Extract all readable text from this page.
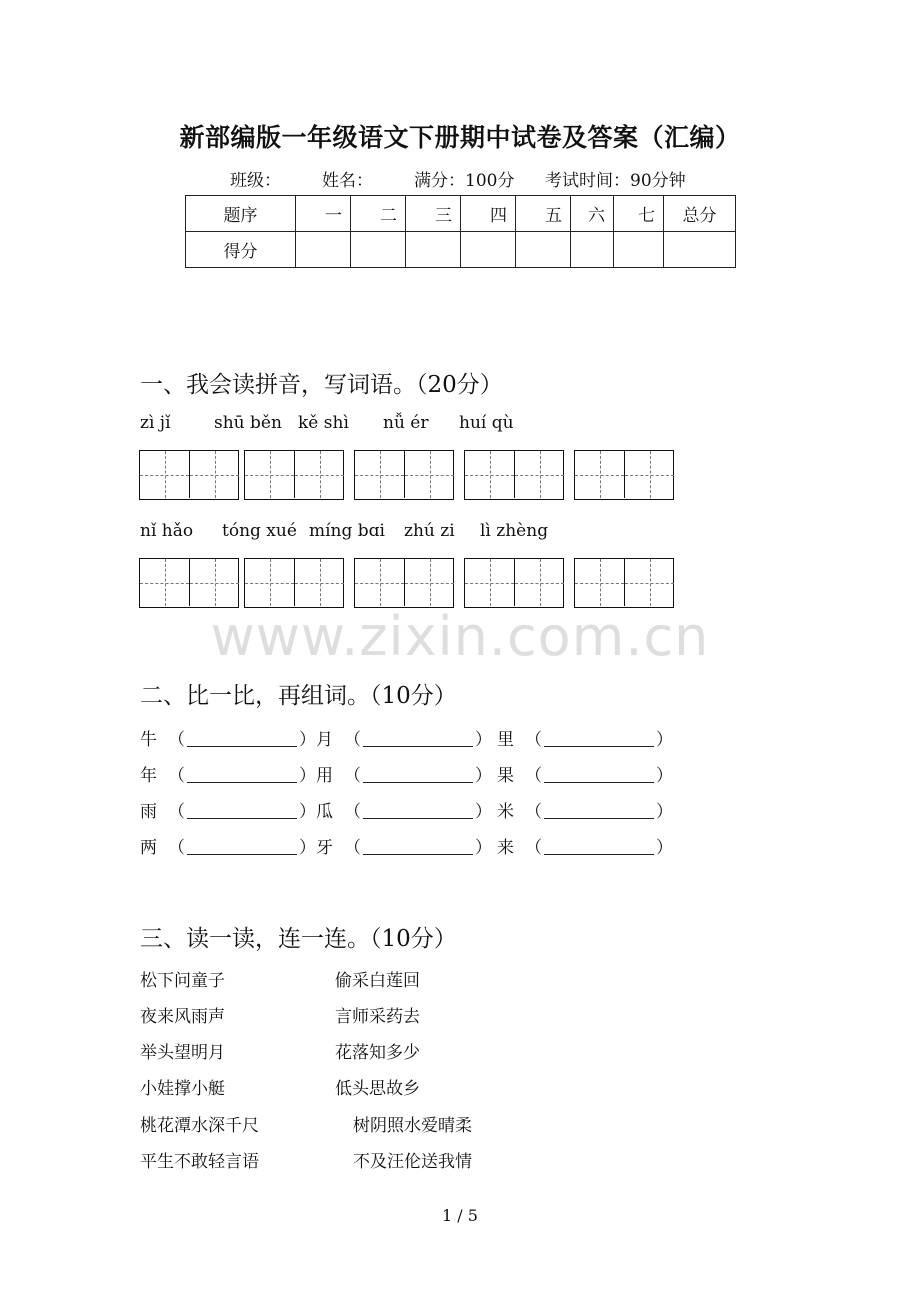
新部编版一年级语文下册期中试卷及答案（汇编）
班级： 姓名： 满分：100分 考试时间：90分钟
题序	一	二	三	四	五	六	七	总分
得分								
一、我会读拼音，写词语。（20分）
zì jǐ	shū běn kě shì nǚ ér huí qù
nǐ hǎo tóng xué míng bɑi zhú zi lì zhèng
www.zixin.com.cn
二、比一比，再组词。（10分）
牛 （	） 月 （	） 里 （	）
年 （	） 用 （	） 果 （	）
雨 （	） 瓜 （	） 米 （	）
两 （	） 牙 （	） 来 （	）
三、读一读，连一连。（10分）
松下问童子	偷采白莲回
夜来风雨声	言师采药去
举头望明月	花落知多少
小娃撑小艇	低头思故乡
桃花潭水深千尺	树阴照水爱晴柔
平生不敢轻言语	不及汪伦送我情
1 / 5
